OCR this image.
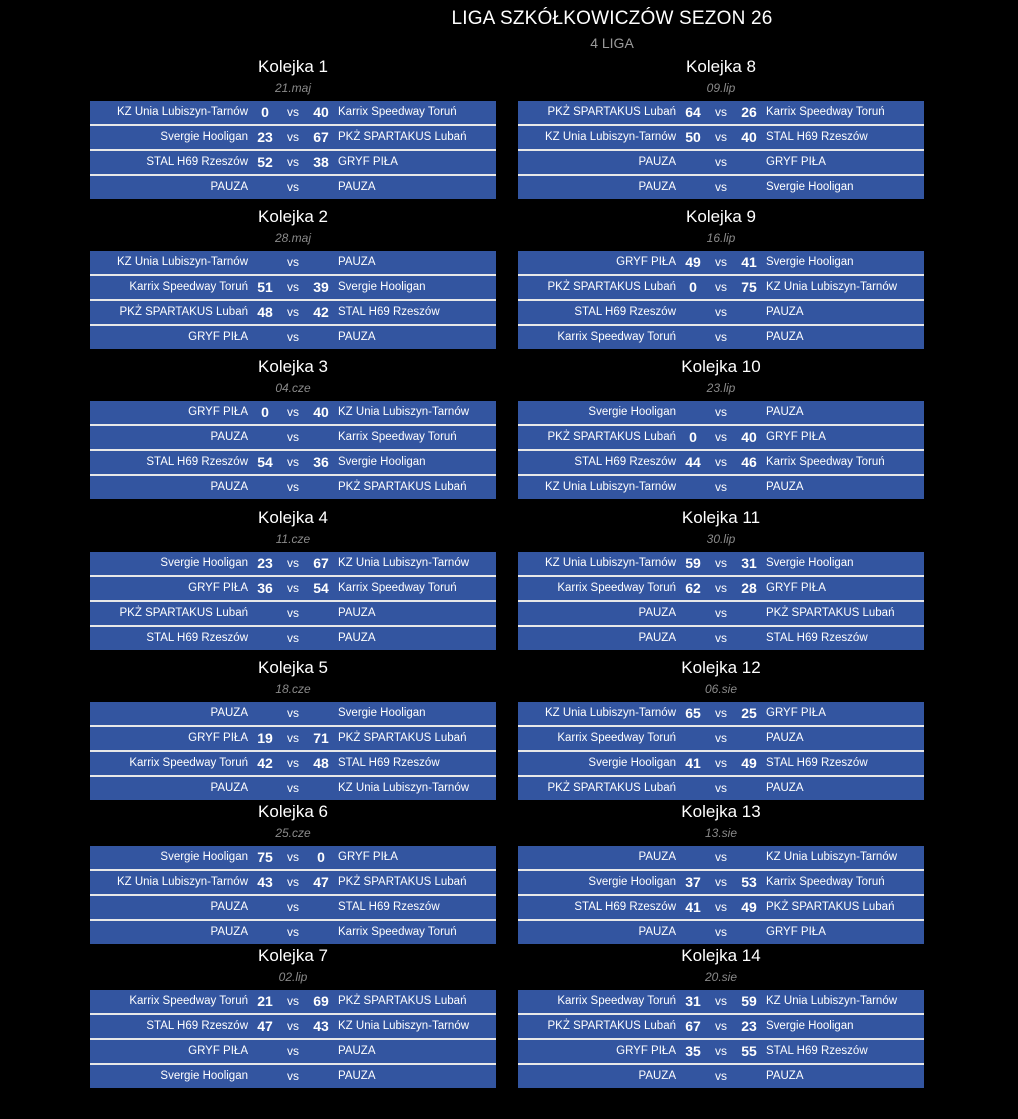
LIGA SZKÓŁKOWICZÓW SEZON 26
4 LIGA
Kolejka 1
21.maj
KZ Unia Lubiszyn-Tarnów 0	vs	40 Karrix Speedway Toruń
Svergie Hooligan 23	vs	67 PKŻ SPARTAKUS Lubań
STAL H69 Rzeszów 52	vs	38 GRYF PIŁA
PAUZA	vs	PAUZA
Kolejka 2
28.maj
KZ Unia Lubiszyn-Tarnów	vs	PAUZA
Karrix Speedway Toruń 51	vs	39 Svergie Hooligan
PKŻ SPARTAKUS Lubań 48	vs	42 STAL H69 Rzeszów
GRYF PIŁA	vs	PAUZA
Kolejka 3
04.cze
GRYF PIŁA 0	vs	40 KZ Unia Lubiszyn-Tarnów
PAUZA	vs	Karrix Speedway Toruń
STAL H69 Rzeszów 54	vs	36 Svergie Hooligan
PAUZA	vs	PKŻ SPARTAKUS Lubań
Kolejka 4
11.cze
Svergie Hooligan 23	vs	67 KZ Unia Lubiszyn-Tarnów
GRYF PIŁA 36	vs	54 Karrix Speedway Toruń
PKŻ SPARTAKUS Lubań	vs	PAUZA
STAL H69 Rzeszów	vs	PAUZA
Kolejka 5
18.cze
PAUZA	vs	Svergie Hooligan
GRYF PIŁA 19	vs	71 PKŻ SPARTAKUS Lubań
Karrix Speedway Toruń 42	vs	48 STAL H69 Rzeszów
PAUZA	vs	KZ Unia Lubiszyn-Tarnów
Kolejka 6
25.cze
Svergie Hooligan 75	vs	0	GRYF PIŁA
KZ Unia Lubiszyn-Tarnów 43	vs	47 PKŻ SPARTAKUS Lubań
PAUZA	vs	STAL H69 Rzeszów
PAUZA	vs	Karrix Speedway Toruń
Kolejka 7
02.lip
Karrix Speedway Toruń 21	vs	69 PKŻ SPARTAKUS Lubań
STAL H69 Rzeszów 47	vs	43 KZ Unia Lubiszyn-Tarnów
GRYF PIŁA	vs	PAUZA
Svergie Hooligan	vs	PAUZA
Kolejka 8
09.lip
PKŻ SPARTAKUS Lubań 64	vs	26 Karrix Speedway Toruń
KZ Unia Lubiszyn-Tarnów 50	vs	40 STAL H69 Rzeszów
PAUZA	vs	GRYF PIŁA
PAUZA	vs	Svergie Hooligan
Kolejka 9
16.lip
GRYF PIŁA 49	vs	41 Svergie Hooligan
PKŻ SPARTAKUS Lubań 0	vs	75 KZ Unia Lubiszyn-Tarnów
STAL H69 Rzeszów	vs	PAUZA
Karrix Speedway Toruń	vs	PAUZA
Kolejka 10
23.lip
Svergie Hooligan	vs	PAUZA
PKŻ SPARTAKUS Lubań 0	vs	40 GRYF PIŁA
STAL H69 Rzeszów 44	vs	46 Karrix Speedway Toruń
KZ Unia Lubiszyn-Tarnów	vs	PAUZA
Kolejka 11
30.lip
KZ Unia Lubiszyn-Tarnów 59	vs	31 Svergie Hooligan
Karrix Speedway Toruń 62	vs	28 GRYF PIŁA
PAUZA	vs	PKŻ SPARTAKUS Lubań
PAUZA	vs	STAL H69 Rzeszów
Kolejka 12
06.sie
KZ Unia Lubiszyn-Tarnów 65	vs	25 GRYF PIŁA
Karrix Speedway Toruń	vs	PAUZA
Svergie Hooligan 41	vs	49 STAL H69 Rzeszów
PKŻ SPARTAKUS Lubań	vs	PAUZA
Kolejka 13
13.sie
PAUZA	vs	KZ Unia Lubiszyn-Tarnów
Svergie Hooligan 37	vs	53 Karrix Speedway Toruń
STAL H69 Rzeszów 41	vs	49 PKŻ SPARTAKUS Lubań
PAUZA	vs	GRYF PIŁA
Kolejka 14
20.sie
Karrix Speedway Toruń 31	vs	59 KZ Unia Lubiszyn-Tarnów
PKŻ SPARTAKUS Lubań 67	vs	23 Svergie Hooligan
GRYF PIŁA 35	vs	55 STAL H69 Rzeszów
PAUZA	vs	PAUZA
